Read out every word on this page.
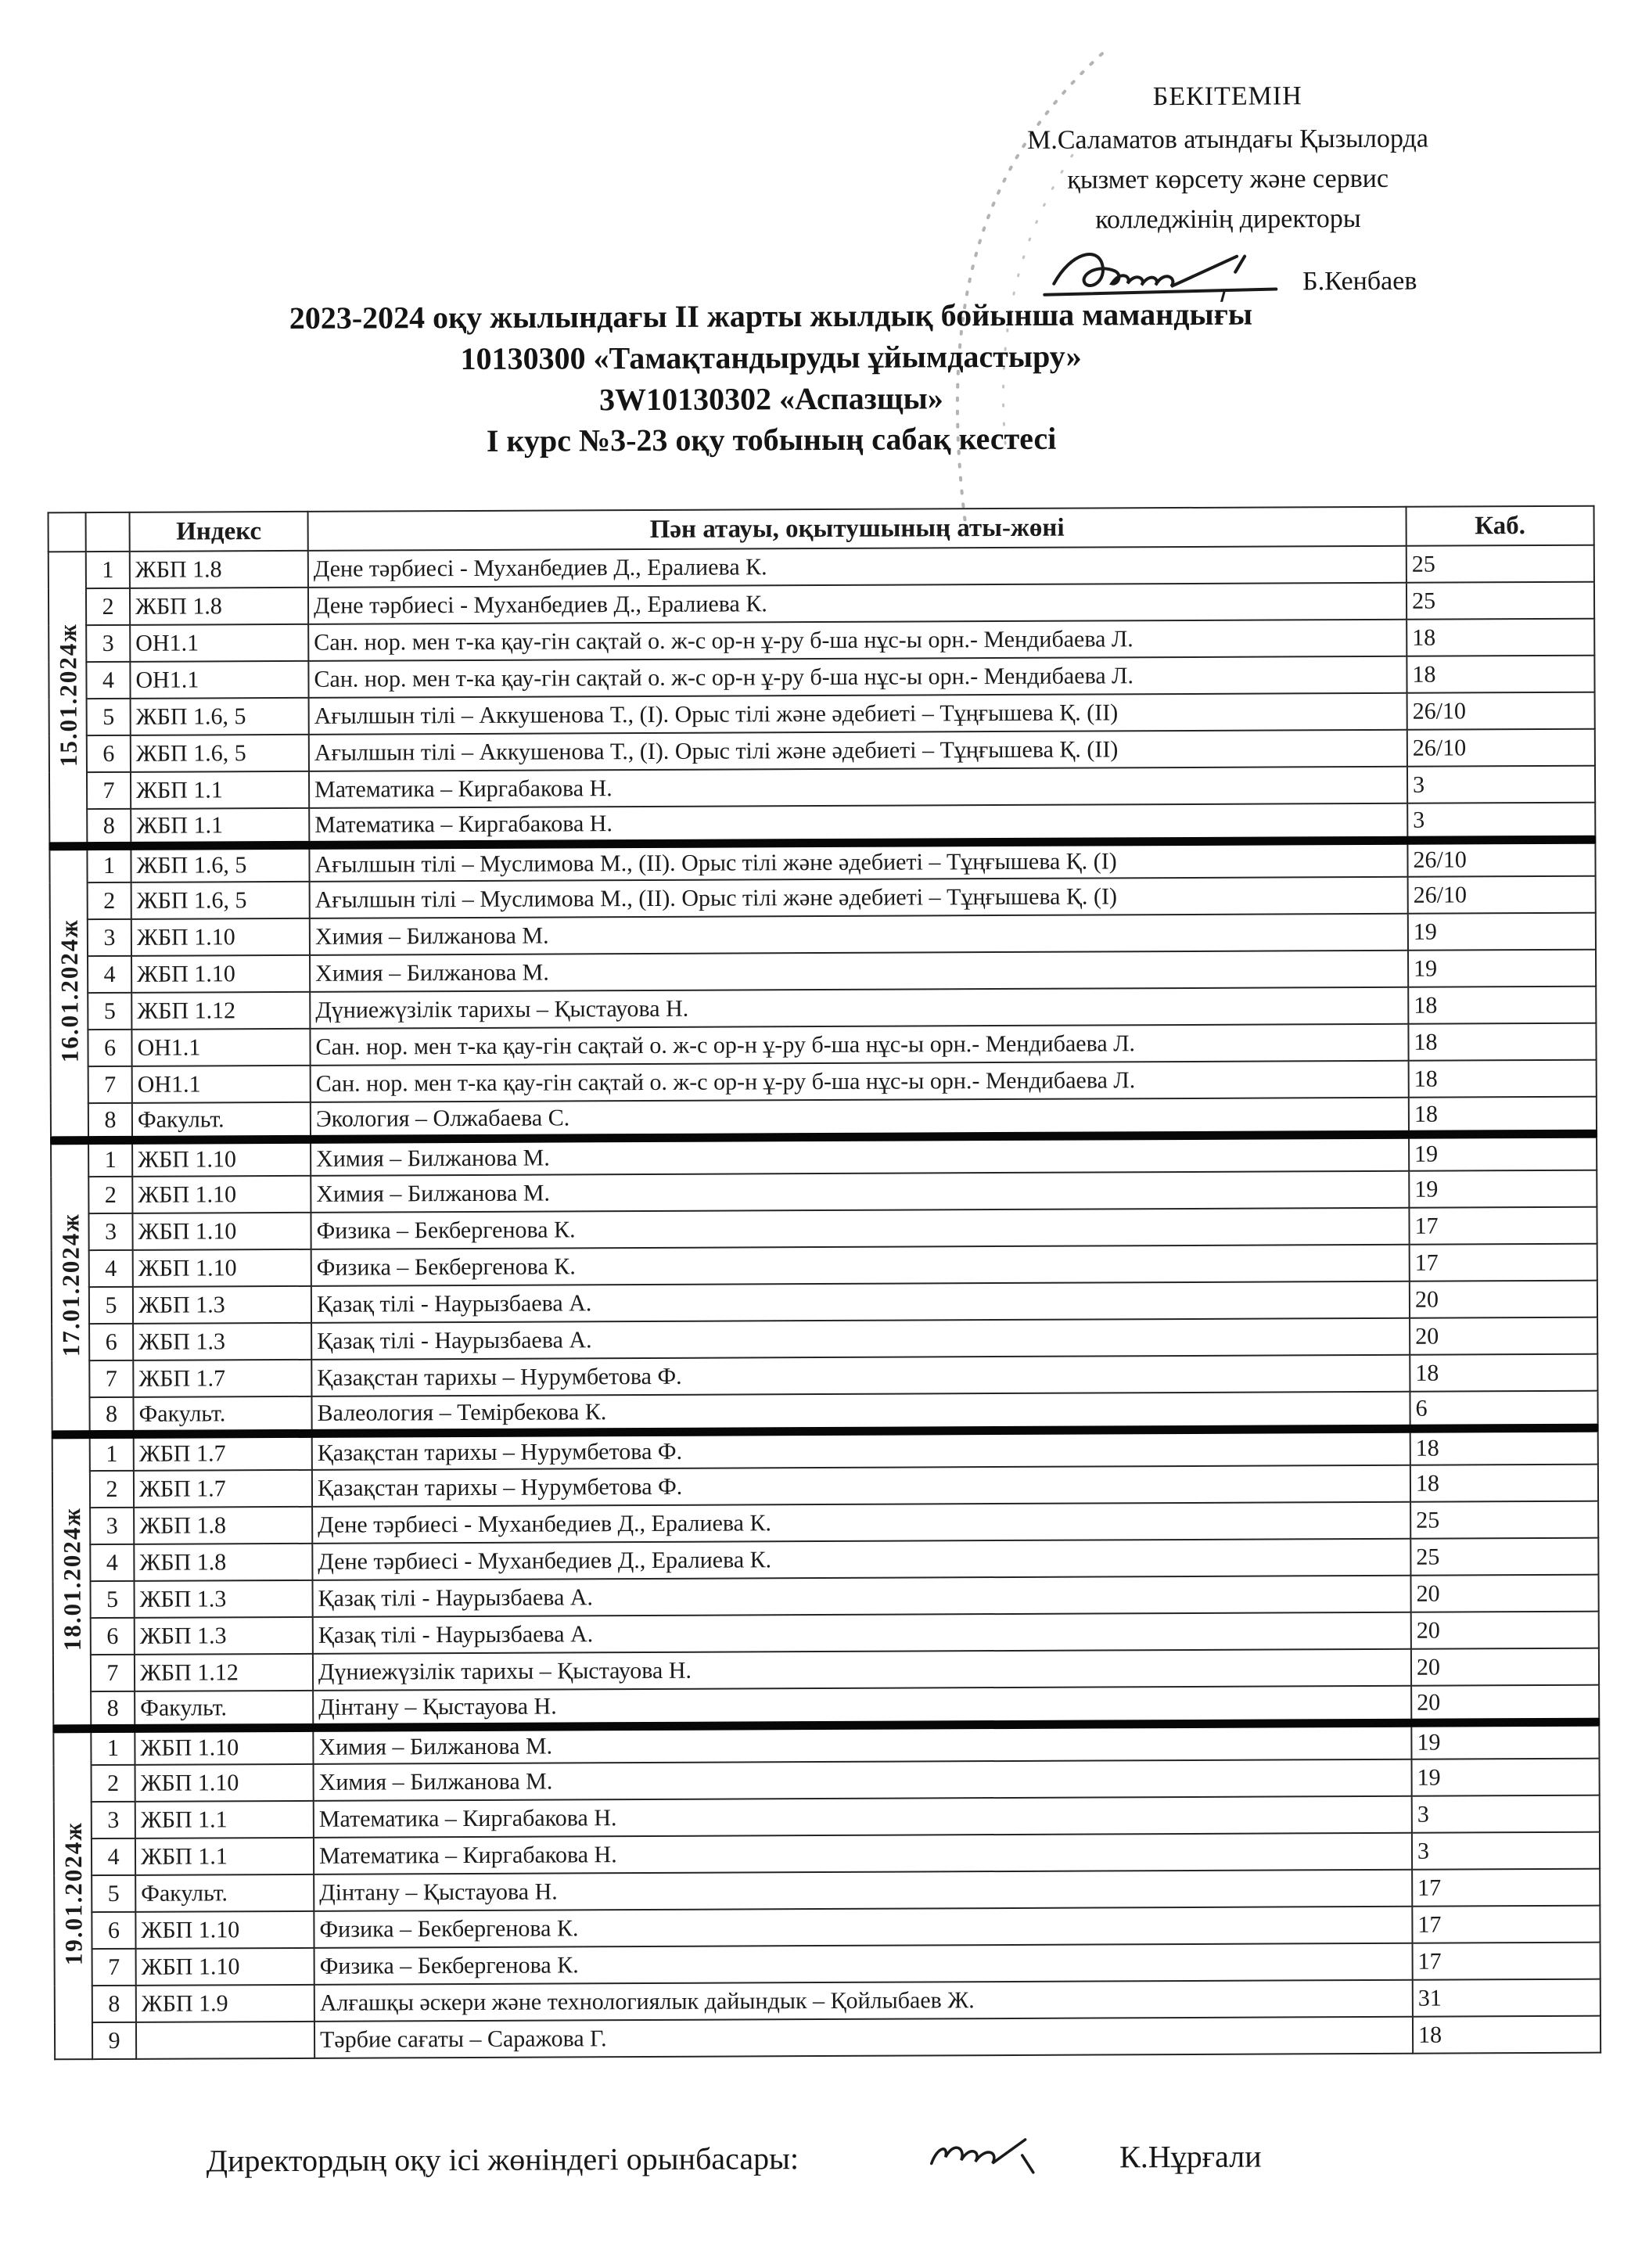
БЕКІТЕМІН
М.Саламатов атындағы Қызылорда
қызмет көрсету және сервис
колледжінің директоры
Б.Кенбаев
2023-2024 оқу жылындағы II жарты жылдық бойынша мамандығы
10130300 «Тамақтандыруды ұйымдастыру»
3W10130302 «Аспазщы»
I курс №3-23 оқу тобының сабақ кестесі
		Индекс	Пән атауы, оқытушының аты-жөні	Каб.
15.01.2024ж	1	ЖБП 1.8	Дене тәрбиесі - Муханбедиев Д., Ералиева К.	25
	2	ЖБП 1.8	Дене тәрбиесі - Муханбедиев Д., Ералиева К.	25
	3	ОН1.1	Сан. нор. мен т-ка қау-гін сақтай о. ж-с ор-н ұ-ру б-ша нұс-ы орн.- Мендибаева Л.	18
	4	ОН1.1	Сан. нор. мен т-ка қау-гін сақтай о. ж-с ор-н ұ-ру б-ша нұс-ы орн.- Мендибаева Л.	18
	5	ЖБП 1.6, 5	Ағылшын тілі – Аккушенова Т., (I). Орыс тілі және әдебиеті – Тұңғышева Қ. (II)	26/10
	6	ЖБП 1.6, 5	Ағылшын тілі – Аккушенова Т., (I). Орыс тілі және әдебиеті – Тұңғышева Қ. (II)	26/10
	7	ЖБП 1.1	Математика – Киргабакова Н.	3
	8	ЖБП 1.1	Математика – Киргабакова Н.	3
16.01.2024ж	1	ЖБП 1.6, 5	Ағылшын тілі – Муслимова М., (II). Орыс тілі және әдебиеті – Тұңғышева Қ. (I)	26/10
	2	ЖБП 1.6, 5	Ағылшын тілі – Муслимова М., (II). Орыс тілі және әдебиеті – Тұңғышева Қ. (I)	26/10
	3	ЖБП 1.10	Химия – Билжанова М.	19
	4	ЖБП 1.10	Химия – Билжанова М.	19
	5	ЖБП 1.12	Дүниежүзілік тарихы – Қыстауова Н.	18
	6	ОН1.1	Сан. нор. мен т-ка қау-гін сақтай о. ж-с ор-н ұ-ру б-ша нұс-ы орн.- Мендибаева Л.	18
	7	ОН1.1	Сан. нор. мен т-ка қау-гін сақтай о. ж-с ор-н ұ-ру б-ша нұс-ы орн.- Мендибаева Л.	18
	8	Факульт.	Экология – Олжабаева С.	18
17.01.2024ж	1	ЖБП 1.10	Химия – Билжанова М.	19
	2	ЖБП 1.10	Химия – Билжанова М.	19
	3	ЖБП 1.10	Физика – Бекбергенова К.	17
	4	ЖБП 1.10	Физика – Бекбергенова К.	17
	5	ЖБП 1.3	Қазақ тілі - Наурызбаева А.	20
	6	ЖБП 1.3	Қазақ тілі - Наурызбаева А.	20
	7	ЖБП 1.7	Қазақстан тарихы – Нурумбетова Ф.	18
	8	Факульт.	Валеология – Темірбекова К.	6
18.01.2024ж	1	ЖБП 1.7	Қазақстан тарихы – Нурумбетова Ф.	18
	2	ЖБП 1.7	Қазақстан тарихы – Нурумбетова Ф.	18
	3	ЖБП 1.8	Дене тәрбиесі - Муханбедиев Д., Ералиева К.	25
	4	ЖБП 1.8	Дене тәрбиесі - Муханбедиев Д., Ералиева К.	25
	5	ЖБП 1.3	Қазақ тілі - Наурызбаева А.	20
	6	ЖБП 1.3	Қазақ тілі - Наурызбаева А.	20
	7	ЖБП 1.12	Дүниежүзілік тарихы – Қыстауова Н.	20
	8	Факульт.	Дінтану – Қыстауова Н.	20
19.01.2024ж	1	ЖБП 1.10	Химия – Билжанова М.	19
	2	ЖБП 1.10	Химия – Билжанова М.	19
	3	ЖБП 1.1	Математика – Киргабакова Н.	3
	4	ЖБП 1.1	Математика – Киргабакова Н.	3
	5	Факульт.	Дінтану – Қыстауова Н.	17
	6	ЖБП 1.10	Физика – Бекбергенова К.	17
	7	ЖБП 1.10	Физика – Бекбергенова К.	17
	8	ЖБП 1.9	Алғашқы әскери және технологиялык дайындык – Қойлыбаев Ж.	31
	9		Тәрбие сағаты – Саражова Г.	18
Директордың оқу ісі жөніндегі орынбасары:	К.Нұрғали
